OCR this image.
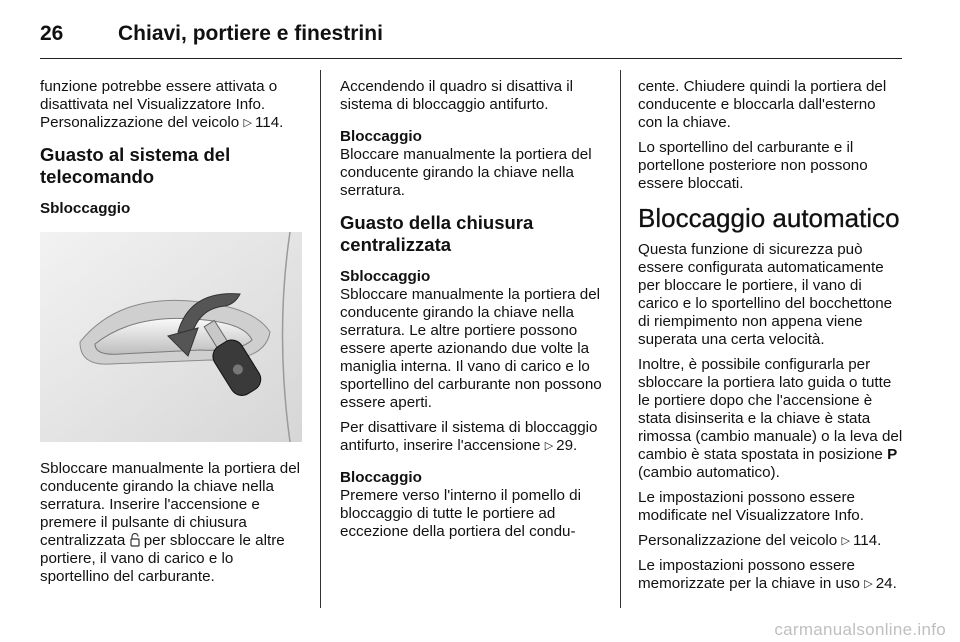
26	Chiavi, portiere e finestrini

funzione potrebbe essere attivata o disattivata nel Visualizzatore Info. Personalizzazione del veicolo ▷ 114.

Guasto al sistema del telecomando
Sbloccaggio

Sbloccare manualmente la portiera del conducente girando la chiave nella serratura. Inserire l'accensione e premere il pulsante di chiusura centralizzata  per sbloccare le altre portiere, il vano di carico e lo sportellino del carburante.

Accendendo il quadro si disattiva il sistema di bloccaggio antifurto.

Bloccaggio

Bloccare manualmente la portiera del conducente girando la chiave nella serratura.

Guasto della chiusura centralizzata
Sbloccaggio

Sbloccare manualmente la portiera del conducente girando la chiave nella serratura. Le altre portiere possono essere aperte azionando due volte la maniglia interna. Il vano di carico e lo sportellino del carburante non possono essere aperti.

Per disattivare il sistema di bloccaggio antifurto, inserire l'accensione ▷ 29.

Bloccaggio

Premere verso l'interno il pomello di bloccaggio di tutte le portiere ad eccezione della portiera del condu-

cente. Chiudere quindi la portiera del conducente e bloccarla dall'esterno con la chiave.

Lo sportellino del carburante e il portellone posteriore non possono essere bloccati.

Bloccaggio automatico

Questa funzione di sicurezza può essere configurata automaticamente per bloccare le portiere, il vano di carico e lo sportellino del bocchettone di riempimento non appena viene superata una certa velocità.

Inoltre, è possibile configurarla per sbloccare la portiera lato guida o tutte le portiere dopo che l'accensione è stata disinserita e la chiave è stata rimossa (cambio manuale) o la leva del cambio è stata spostata in posizione P (cambio automatico).

Le impostazioni possono essere modificate nel Visualizzatore Info.

Personalizzazione del veicolo ▷ 114.

Le impostazioni possono essere memorizzate per la chiave in uso ▷ 24.

carmanualsonline.info
